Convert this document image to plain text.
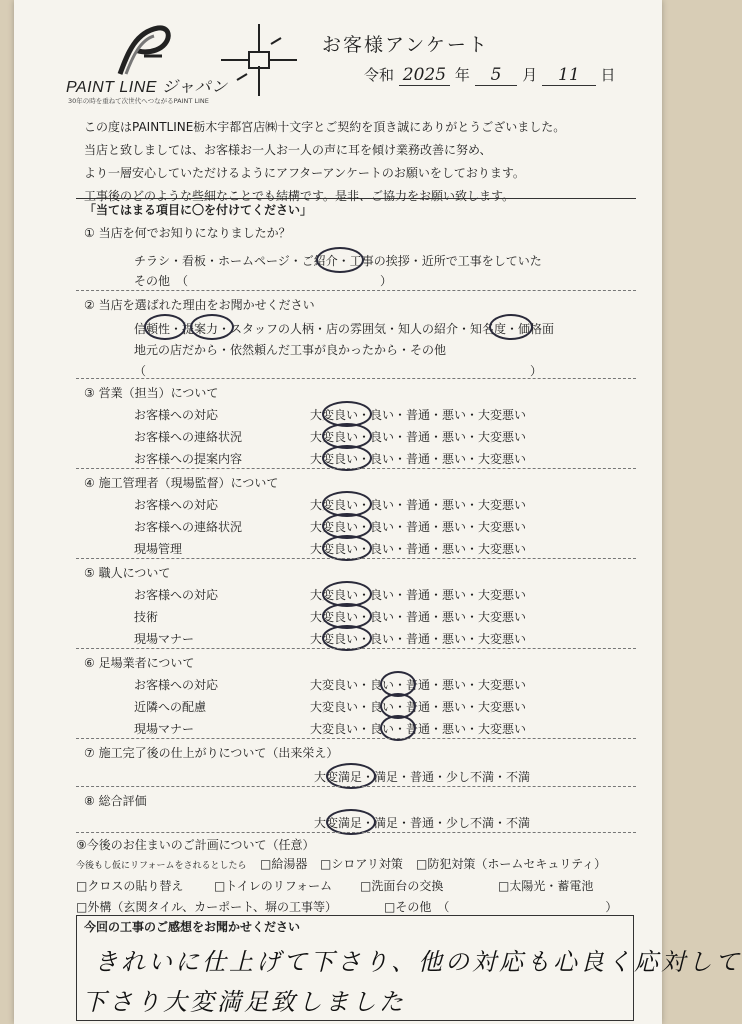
PAINT LINE ジャパン
30年の時を重ねて次世代へつながるPAINT LINE
お客様アンケート
令和 2025 年 5 月 11 日
この度はPAINTLINE栃木宇都宮店㈱十文字とご契約を頂き誠にありがとうございました。
当店と致しましては、お客様お一人お一人の声に耳を傾け業務改善に努め、
より一層安心していただけるようにアフターアンケートのお願いをしております。
工事後のどのような些細なことでも結構です。是非、ご協力をお願い致します。
「当てはまる項目に〇を付けてください」
① 当店を何でお知りになりましたか？
チラシ・看板・ホームページ・ご紹介・工事の挨拶・近所で工事をしていた
その他　（　　　　　　　　　　　　　　　　）
② 当店を選ばれた理由をお聞かせください
信頼性・提案力・スタッフの人柄・店の雰囲気・知人の紹介・知名度・価格面
地元の店だから・依然頼んだ工事が良かったから・その他
（　　　　　　　　　　　　　　　　　　　　　　　　　　　　　　　　）
③ 営業（担当）について
お客様への対応	大変良い・良い・普通・悪い・大変悪い
お客様への連絡状況	大変良い・良い・普通・悪い・大変悪い
お客様への提案内容	大変良い・良い・普通・悪い・大変悪い
④ 施工管理者（現場監督）について
お客様への対応	大変良い・良い・普通・悪い・大変悪い
お客様への連絡状況	大変良い・良い・普通・悪い・大変悪い
現場管理	大変良い・良い・普通・悪い・大変悪い
⑤ 職人について
お客様への対応	大変良い・良い・普通・悪い・大変悪い
技術	大変良い・良い・普通・悪い・大変悪い
現場マナー	大変良い・良い・普通・悪い・大変悪い
⑥ 足場業者について
お客様への対応	大変良い・良い・普通・悪い・大変悪い
近隣への配慮	大変良い・良い・普通・悪い・大変悪い
現場マナー	大変良い・良い・普通・悪い・大変悪い
⑦ 施工完了後の仕上がりについて（出来栄え）
大変満足・満足・普通・少し不満・不満
⑧ 総合評価
大変満足・満足・普通・少し不満・不満
⑨今後のお住まいのご計画について（任意）
今後もし仮にリフォームをされるとしたら □給湯器 □シロアリ対策 □防犯対策（ホームセキュリティ）
□クロスの貼り替え	□トイレのリフォーム □洗面台の交換	□太陽光・蓄電池
□外構（玄関タイル、カーポート、塀の工事等）	□その他　（　　　　　　　　　　　　　）
今回の工事のご感想をお聞かせください
きれいに仕上げて下さり、他の対応も心良く応対して
下さり大変満足致しました
